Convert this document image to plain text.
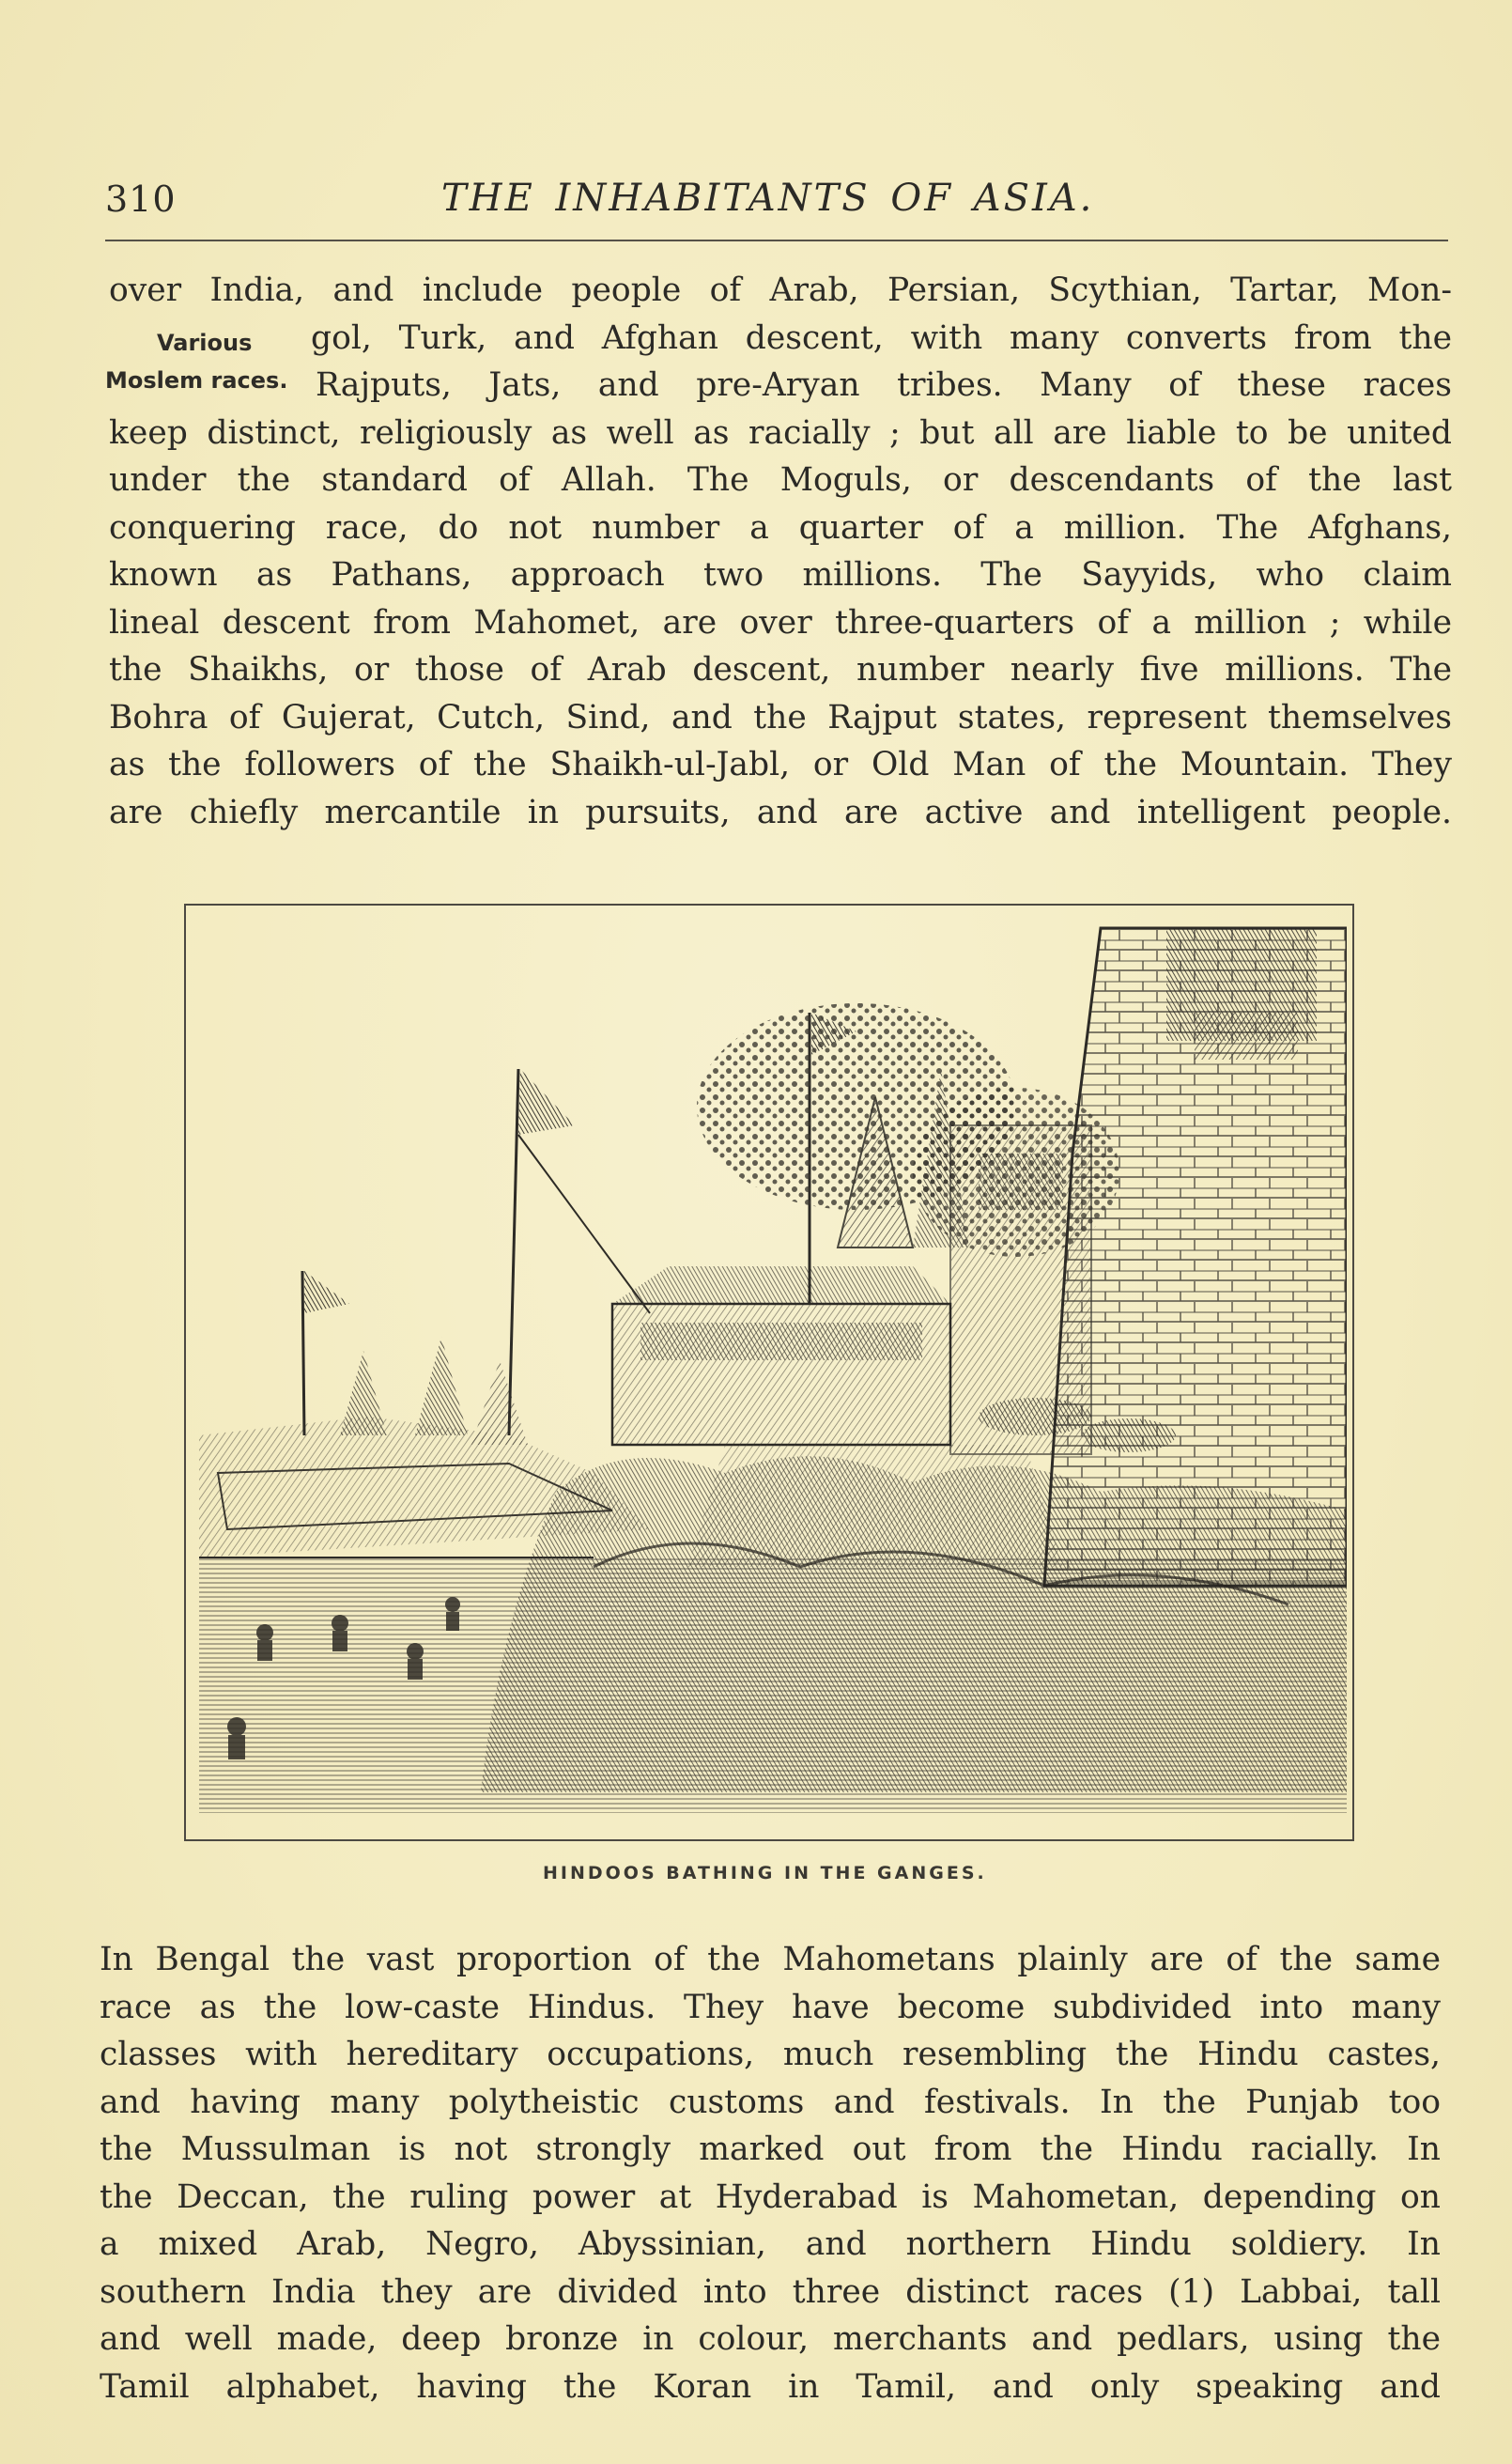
310	THE INHABITANTS OF ASIA.
Various
Moslem races.
over India, and include people of Arab, Persian, Scythian, Tartar, Mon-
gol, Turk, and Afghan descent, with many converts from the
Rajputs, Jats, and pre-Aryan tribes. Many of these races
keep distinct, religiously as well as racially ; but all are liable to be united
under the standard of Allah. The Moguls, or descendants of the last
conquering race, do not number a quarter of a million. The Afghans,
known as Pathans, approach two millions. The Sayyids, who claim
lineal descent from Mahomet, are over three-quarters of a million ; while
the Shaikhs, or those of Arab descent, number nearly five millions. The
Bohra of Gujerat, Cutch, Sind, and the Rajput states, represent themselves
as the followers of the Shaikh-ul-Jabl, or Old Man of the Mountain. They
are chiefly mercantile in pursuits, and are active and intelligent people.
HINDOOS BATHING IN THE GANGES.
In Bengal the vast proportion of the Mahometans plainly are of the same
race as the low-caste Hindus. They have become subdivided into many
classes with hereditary occupations, much resembling the Hindu castes,
and having many polytheistic customs and festivals. In the Punjab too
the Mussulman is not strongly marked out from the Hindu racially. In
the Deccan, the ruling power at Hyderabad is Mahometan, depending on
a mixed Arab, Negro, Abyssinian, and northern Hindu soldiery. In
southern India they are divided into three distinct races (1) Labbai, tall
and well made, deep bronze in colour, merchants and pedlars, using the
Tamil alphabet, having the Koran in Tamil, and only speaking and
